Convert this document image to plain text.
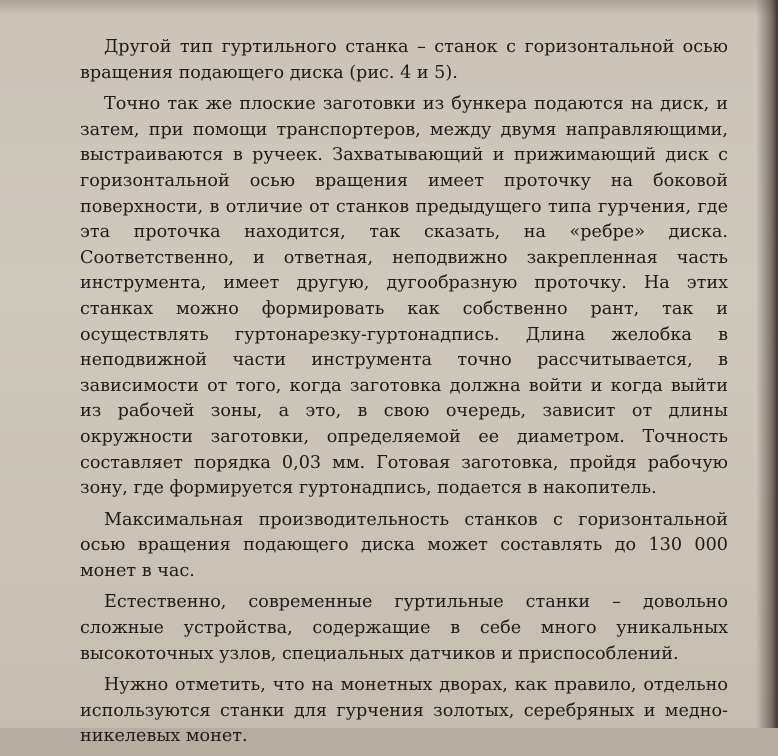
Другой тип гуртильного станка – станок с горизонтальной осью вращения подающего диска (рис. 4 и 5).

Точно так же плоские заготовки из бункера подаются на диск, и затем, при помощи транспортеров, между двумя направляющими, выстраиваются в ручеек. Захватывающий и прижимающий диск с горизонтальной осью вращения имеет проточку на боковой поверхности, в отличие от станков предыдущего типа гурчения, где эта проточка находится, так сказать, на «ребре» диска. Соответственно, и ответная, неподвижно закрепленная часть инструмента, имеет другую, дугообразную проточку. На этих станках можно формировать как собственно рант, так и осуществлять гуртонарезку-гуртонадпись. Длина желобка в неподвижной части инструмента точно рассчитывается, в зависимости от того, когда заготовка должна войти и когда выйти из рабочей зоны, а это, в свою очередь, зависит от длины окружности заготовки, определяемой ее диаметром. Точность составляет порядка 0,03 мм. Готовая заготовка, пройдя рабочую зону, где формируется гуртонадпись, подается в накопитель.

Максимальная производительность станков с горизонтальной осью вращения подающего диска может составлять до 130 000 монет в час.

Естественно, современные гуртильные станки – довольно сложные устройства, содержащие в себе много уникальных высокоточных узлов, специальных датчиков и приспособлений.

Нужно отметить, что на монетных дворах, как правило, отдельно используются станки для гурчения золотых, серебряных и медно-никелевых монет.
